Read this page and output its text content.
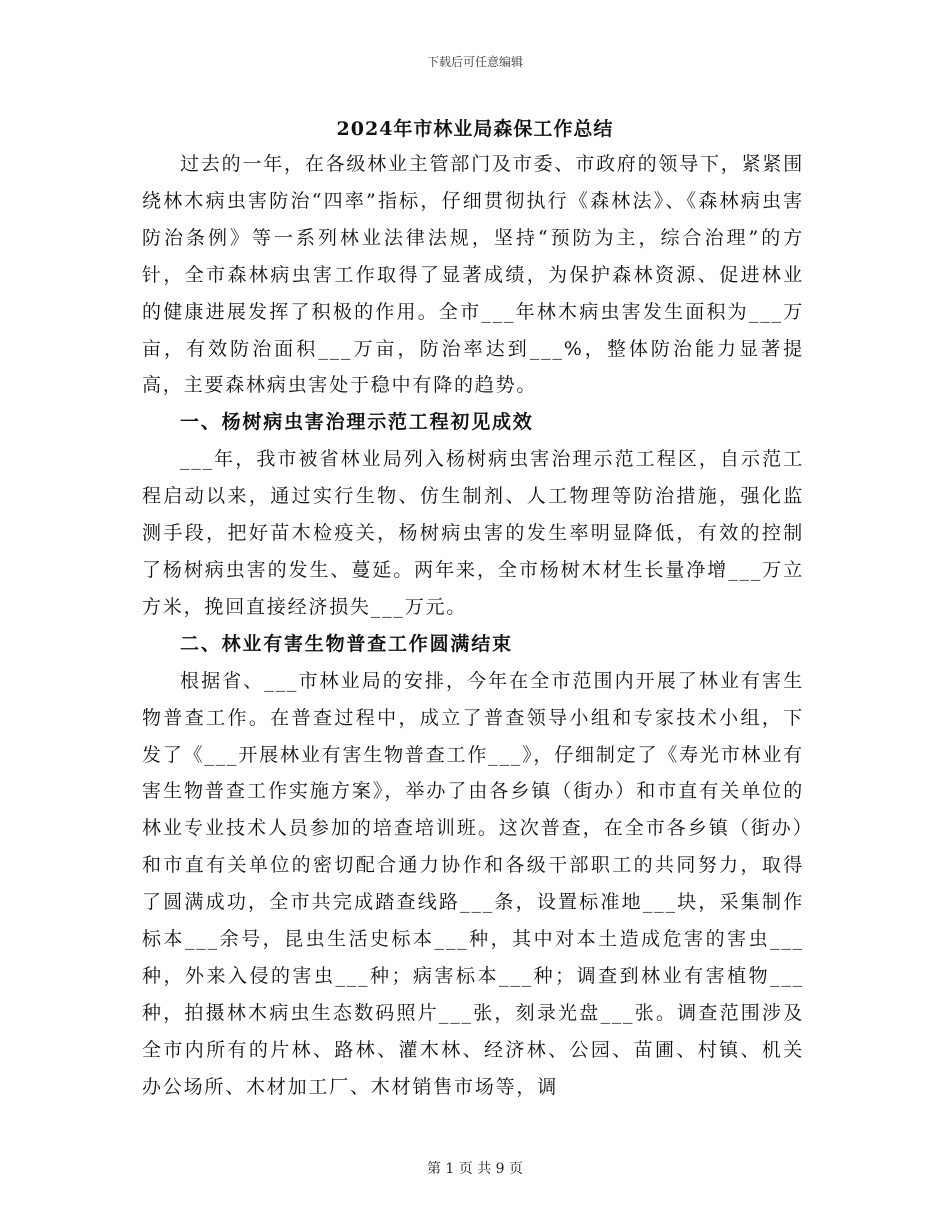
下载后可任意编辑
2024年市林业局森保工作总结

过去的一年，在各级林业主管部门及市委、市政府的领导下，紧紧围绕林木病虫害防治“四率”指标，仔细贯彻执行《森林法》、《森林病虫害防治条例》等一系列林业法律法规，坚持“预防为主，综合治理”的方针，全市森林病虫害工作取得了显著成绩，为保护森林资源、促进林业的健康进展发挥了积极的作用。全市___年林木病虫害发生面积为___万亩，有效防治面积___万亩，防治率达到___%，整体防治能力显著提高，主要森林病虫害处于稳中有降的趋势。

一、杨树病虫害治理示范工程初见成效

___年，我市被省林业局列入杨树病虫害治理示范工程区，自示范工程启动以来，通过实行生物、仿生制剂、人工物理等防治措施，强化监测手段，把好苗木检疫关，杨树病虫害的发生率明显降低，有效的控制了杨树病虫害的发生、蔓延。两年来，全市杨树木材生长量净增___万立方米，挽回直接经济损失___万元。

二、林业有害生物普查工作圆满结束

根据省、___市林业局的安排，今年在全市范围内开展了林业有害生物普查工作。在普查过程中，成立了普查领导小组和专家技术小组，下发了《___开展林业有害生物普查工作___》，仔细制定了《寿光市林业有害生物普查工作实施方案》，举办了由各乡镇（街办）和市直有关单位的林业专业技术人员参加的培查培训班。这次普查，在全市各乡镇（街办）和市直有关单位的密切配合通力协作和各级干部职工的共同努力，取得了圆满成功，全市共完成踏查线路___条，设置标准地___块，采集制作标本___余号，昆虫生活史标本___种，其中对本土造成危害的害虫___种，外来入侵的害虫___种；病害标本___种；调查到林业有害植物___种，拍摄林木病虫生态数码照片___张，刻录光盘___张。调查范围涉及全市内所有的片林、路林、灌木林、经济林、公园、苗圃、村镇、机关办公场所、木材加工厂、木材销售市场等，调

第 1 页 共 9 页
